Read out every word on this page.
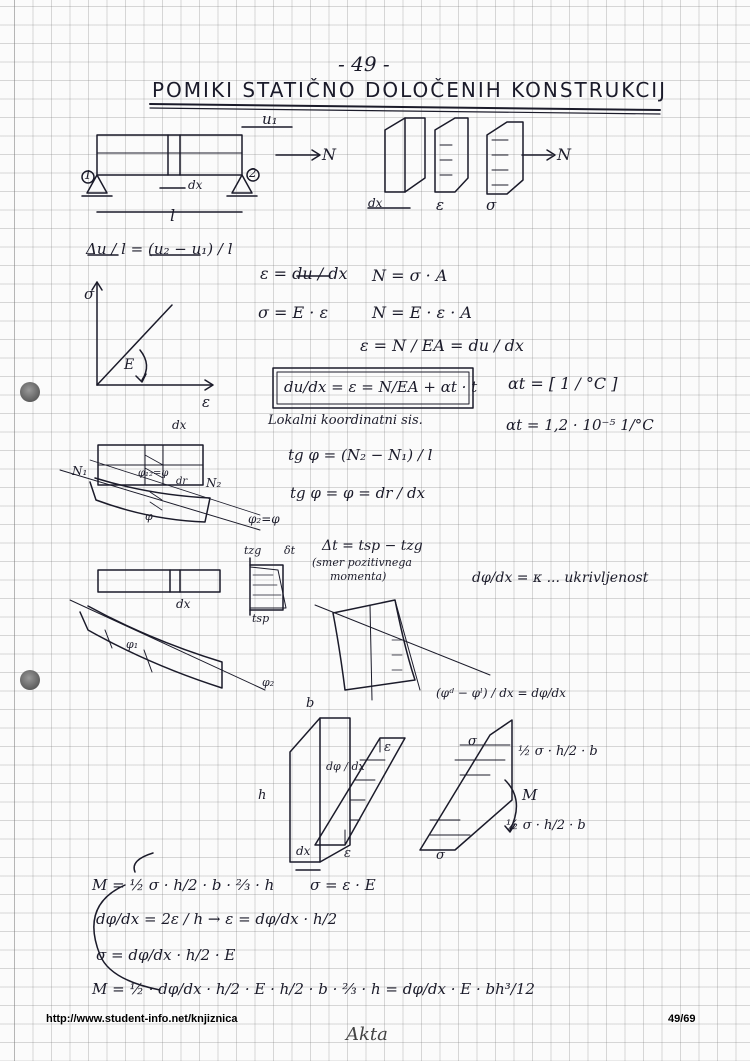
- 49 -
POMIKI STATIČNO DOLOČENIH KONSTRUKCIJ
1	2
u₁
N
dx
l
dx	ε	σ
N
Δu / l = (u₂ − u₁) / l
ε = du / dx N = σ · A
σ = E · ε	N = E · ε · A
ε = N / EA = du / dx
σ
ε
E
du/dx = ε = N/EA + αt · t αt = [ 1 / °C ]
Lokalni koordinatni sis.	αt = 1,2 · 10⁻⁵ 1/°C
tg φ = (N₂ − N₁) / l
tg φ = φ = dr / dx
dx
N₁
N₂
φ₁₂=φ
dr
φ	φ₂=φ
tzg δt
tsp
Δt = tsp − tzg
(smer pozitivnega
momenta)	dφ/dx = κ ... ukrivljenost
(φᵈ − φˡ) / dx = dφ/dx
dx
φ₁
φ₂
b
h
dφ / dx
ε	σ
dx	ε	σ
½ σ · h/2 · b
M
½ σ · h/2 · b
M = ½ σ · h/2 · b · ⅔ · h σ = ε · E
dφ/dx = 2ε / h → ε = dφ/dx · h/2
σ = dφ/dx · h/2 · E
M = ½ · dφ/dx · h/2 · E · h/2 · b · ⅔ · h = dφ/dx · E · bh³/12
http://www.student-info.net/knjiznica	49/69
Akta
